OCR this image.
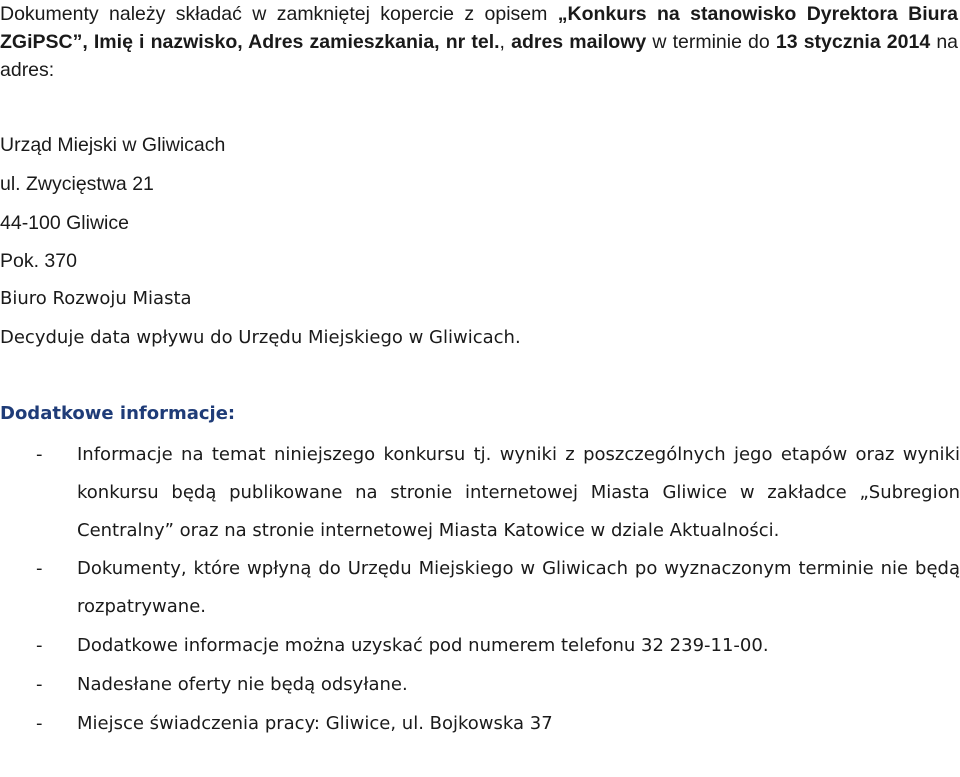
Dokumenty należy składać w zamkniętej kopercie z opisem „Konkurs na stanowisko Dyrektora Biura ZGiPSC”, Imię i nazwisko, Adres zamieszkania, nr tel., adres mailowy w terminie do 13 stycznia 2014 na adres:
Urząd Miejski w Gliwicach
ul. Zwycięstwa 21
44-100 Gliwice
Pok. 370
Biuro Rozwoju Miasta
Decyduje data wpływu do Urzędu Miejskiego w Gliwicach.
Dodatkowe informacje:
- Informacje na temat niniejszego konkursu tj. wyniki z poszczególnych jego etapów oraz wyniki konkursu będą publikowane na stronie internetowej Miasta Gliwice w zakładce „Subregion Centralny” oraz na stronie internetowej Miasta Katowice w dziale Aktualności.
- Dokumenty, które wpłyną do Urzędu Miejskiego w Gliwicach po wyznaczonym terminie nie będą rozpatrywane.
- Dodatkowe informacje można uzyskać pod numerem telefonu 32 239-11-00.
- Nadesłane oferty nie będą odsyłane.
- Miejsce świadczenia pracy: Gliwice, ul. Bojkowska 37
